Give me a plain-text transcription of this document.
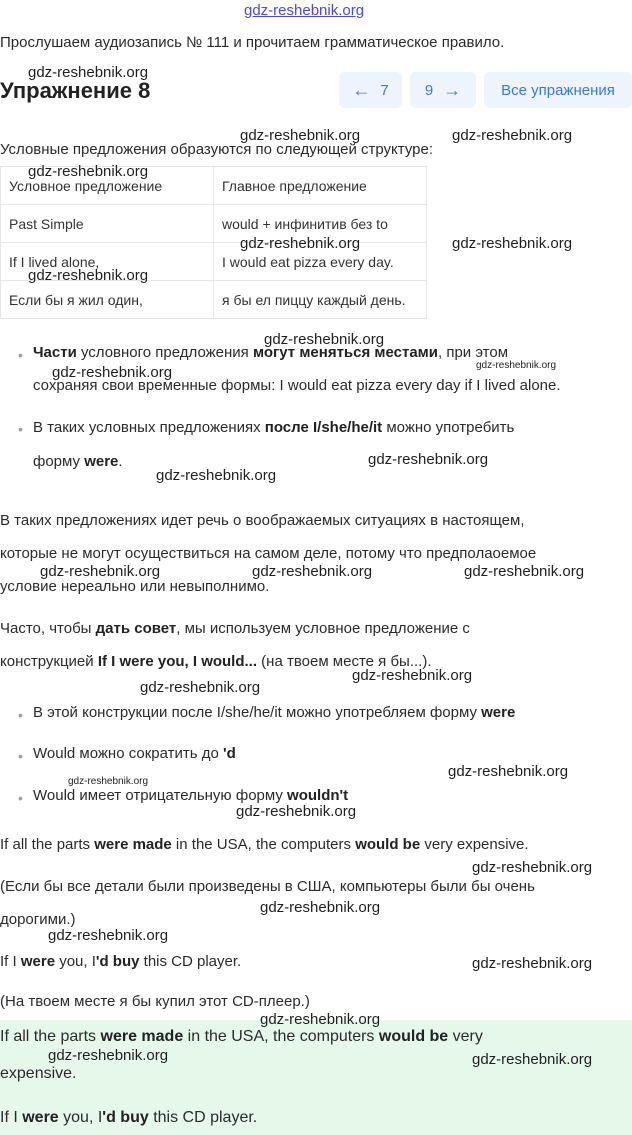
gdz-reshebnik.org
Прослушаем аудиозапись № 111 и прочитаем грамматическое правило.
Упражнение 8	← 7 9 →	Все упражнения
Условные предложения образуются по следующей структуре:
Условное предложение	Главное предложение
Past Simple	would + инфинитив без to
If I lived alone,	I would eat pizza every day.
Если бы я жил один,	я бы ел пиццу каждый день.
• Части условного предложения могут меняться местами, при этом
сохраняя свои временные формы: I would eat pizza every day if I lived alone.
• В таких условных предложениях после I/she/he/it можно употребить
форму were.
В таких предложениях идет речь о воображаемых ситуациях в настоящем,
которые не могут осуществиться на самом деле, потому что предполаоемое
условие нереально или невыполнимо.
Часто, чтобы дать совет, мы используем условное предложение с
конструкцией If I were you, I would... (на твоем месте я бы...).
• В этой конструкции после I/she/he/it можно употребляем форму were
• Would можно сократить до 'd
• Would имеет отрицательную форму wouldn't
If all the parts were made in the USA, the computers would be very expensive.
(Если бы все детали были произведены в США, компьютеры были бы очень
дорогими.)
If I were you, I'd buy this CD player.
(На твоем месте я бы купил этот CD-плеер.)
If all the parts were made in the USA, the computers would be very
expensive.
If I were you, I'd buy this CD player.
gdz-reshebnik.org
gdz-reshebnik.org	gdz-reshebnik.org
gdz-reshebnik.org
gdz-reshebnik.org	gdz-reshebnik.org
gdz-reshebnik.org
gdz-reshebnik.org
gdz-reshebnik.org	gdz-reshebnik.org
gdz-reshebnik.org
gdz-reshebnik.org
gdz-reshebnik.org	gdz-reshebnik.org	gdz-reshebnik.org
gdz-reshebnik.org
gdz-reshebnik.org
gdz-reshebnik.org
gdz-reshebnik.org
gdz-reshebnik.org
gdz-reshebnik.org
gdz-reshebnik.org
gdz-reshebnik.org
gdz-reshebnik.org
gdz-reshebnik.org
gdz-reshebnik.org	gdz-reshebnik.org
